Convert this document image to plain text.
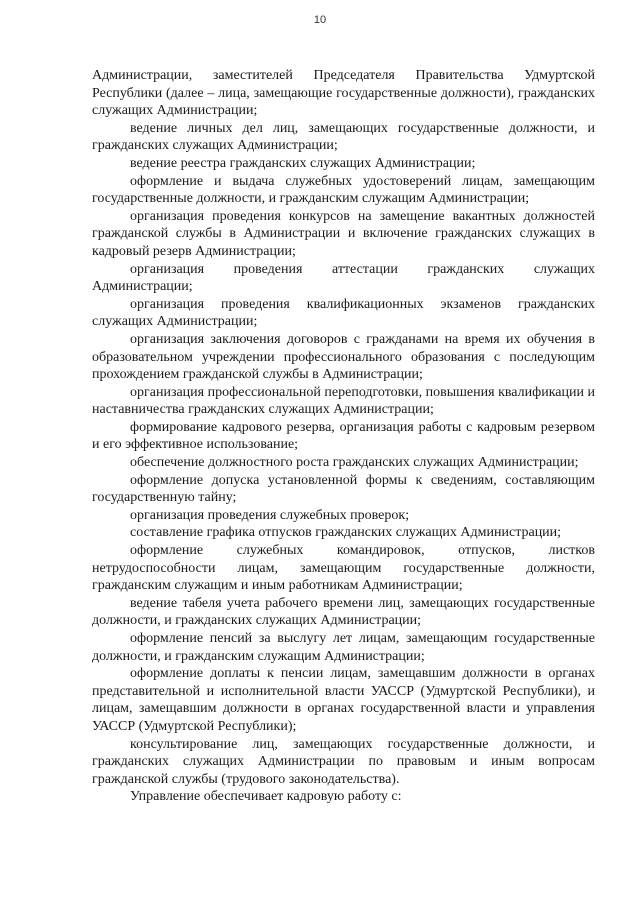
10

Администрации, заместителей Председателя Правительства Удмуртской Республики (далее – лица, замещающие государственные должности), гражданских служащих Администрации;

ведение личных дел лиц, замещающих государственные должности, и гражданских служащих Администрации;

ведение реестра гражданских служащих Администрации;

оформление и выдача служебных удостоверений лицам, замещающим государственные должности, и гражданским служащим Администрации;

организация проведения конкурсов на замещение вакантных должностей гражданской службы в Администрации и включение гражданских служащих в кадровый резерв Администрации;

организация проведения аттестации гражданских служащих Администрации;

организация проведения квалификационных экзаменов гражданских служащих Администрации;

организация заключения договоров с гражданами на время их обучения в образовательном учреждении профессионального образования с последующим прохождением гражданской службы в Администрации;

организация профессиональной переподготовки, повышения квалификации и наставничества гражданских служащих Администрации;

формирование кадрового резерва, организация работы с кадровым резервом и его эффективное использование;

обеспечение должностного роста гражданских служащих Администрации;

оформление допуска установленной формы к сведениям, составляющим государственную тайну;

организация проведения служебных проверок;

составление графика отпусков гражданских служащих Администрации;

оформление служебных командировок, отпусков, листков нетрудоспособности лицам, замещающим государственные должности, гражданским служащим и иным работникам Администрации;

ведение табеля учета рабочего времени лиц, замещающих государственные должности, и гражданских служащих Администрации;

оформление пенсий за выслугу лет лицам, замещающим государственные должности, и гражданским служащим Администрации;

оформление доплаты к пенсии лицам, замещавшим должности в органах представительной и исполнительной власти УАССР (Удмуртской Республики), и лицам, замещавшим должности в органах государственной власти и управления УАССР (Удмуртской Республики);

консультирование лиц, замещающих государственные должности, и гражданских служащих Администрации по правовым и иным вопросам гражданской службы (трудового законодательства).

Управление обеспечивает кадровую работу с:
